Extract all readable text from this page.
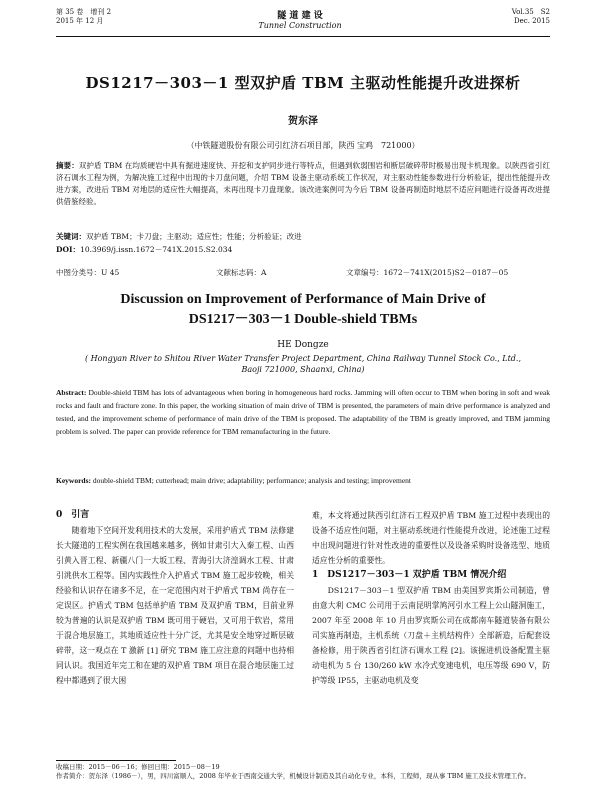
第 35 卷　增刊 2
2015 年 12 月	隧 道 建 设
Tunnel Construction
Vol.35　S2
Dec. 2015
DS1217－303－1 型双护盾 TBM 主驱动性能提升改进探析
贺东泽
（中铁隧道股份有限公司引红济石项目部，陕西 宝鸡　721000）
摘要：双护盾 TBM 在均质硬岩中具有掘进速度快、开挖和支护同步进行等特点，但遇到软弱围岩和断层破碎带时极易出现卡机现象。以陕西省引红济石调水工程为例，为解决施工过程中出现的卡刀盘问题，介绍 TBM 设备主驱动系统工作状况，对主驱动性能参数进行分析验证，提出性能提升改进方案，改进后 TBM 对地层的适应性大幅提高，未再出现卡刀盘现象。该改进案例可为今后 TBM 设备再制造时地层不适应问题进行设备再改进提供借鉴经验。
关键词：双护盾 TBM；卡刀盘；主驱动；适应性；性能；分析验证；改进
DOI：10.3969/j.issn.1672－741X.2015.S2.034
中图分类号：U 45	文献标志码：A	文章编号：1672－741X(2015)S2－0187－05
Discussion on Improvement of Performance of Main Drive of
DS1217－303－1 Double-shield TBMs
HE Dongze
( Hongyan River to Shitou River Water Transfer Project Department, China Railway Tunnel Stock Co., Ltd.,
Baoji 721000, Shaanxi, China)
Abstract: Double-shield TBM has lots of advantageous when boring in homogeneous hard rocks. Jamming will often occur to TBM when boring in soft and weak rocks and fault and fracture zone. In this paper, the working situation of main drive of TBM is presented, the parameters of main drive performance is analyzed and tested, and the improvement scheme of performance of main drive of the TBM is proposed. The adaptability of the TBM is greatly improved, and TBM jamming problem is solved. The paper can provide reference for TBM remanufacturing in the future.
Keywords: double-shield TBM; cutterhead; main drive; adaptability; performance; analysis and testing; improvement
0　引言
随着地下空间开发利用技术的大发展，采用护盾式 TBM 法修建长大隧道的工程实例在我国越来越多，例如甘肃引大入秦工程、山西引黄入晋工程、新疆八门一大坂工程、青海引大济湟调水工程、甘肃引洮供水工程等。国内实践性介入护盾式 TBM 施工起步较晚，相关经验和认识存在诸多不足，在一定范围内对于护盾式 TBM 尚存在一定误区。护盾式 TBM 包括单护盾 TBM 及双护盾 TBM，目前业界较为普遍的认识是双护盾 TBM 既可用于硬岩，又可用于软岩，常用于混合地层施工，其地质适应性十分广泛，尤其是安全地穿过断层破碎带，这一观点在 T 激新 [1] 研究 TBM 施工应注意的问题中也持相同认识。我国近年完工和在建的双护盾 TBM 项目在混合地层施工过程中都遇到了很大困
难，本文将通过陕西引红济石工程双护盾 TBM 施工过程中表现出的设备不适应性问题，对主驱动系统进行性能提升改进，论述施工过程中出现问题进行针对性改进的重要性以及设备采购时设备选型、地质适应性分析的重要性。
1　DS1217－303－1 双护盾 TBM 情况介绍
DS1217－303－1 型双护盾 TBM 由美国罗宾斯公司制造，曾由意大利 CMC 公司用于云南昆明掌鸠河引水工程上公山隧洞施工，2007 年至 2008 年 10 月由罗宾斯公司在成都南车隧道装备有限公司实施再制造，主机系统（刀盘＋主机结构件）全部新造，后配套设备检修，用于陕西省引红济石调水工程 [2]。该掘进机设备配置主驱动电机为 5 台 130/260 kW 水冷式变速电机，电压等级 690 V，防护等级 IP55，主驱动电机及变
收稿日期：2015－06－16；修回日期：2015－08－19
作者简介：贺东泽（1986－），男，四川富顺人，2008 年毕业于西南交通大学，机械设计制造及其自动化专业，本科，工程师，现从事 TBM 施工及技术管理工作。
